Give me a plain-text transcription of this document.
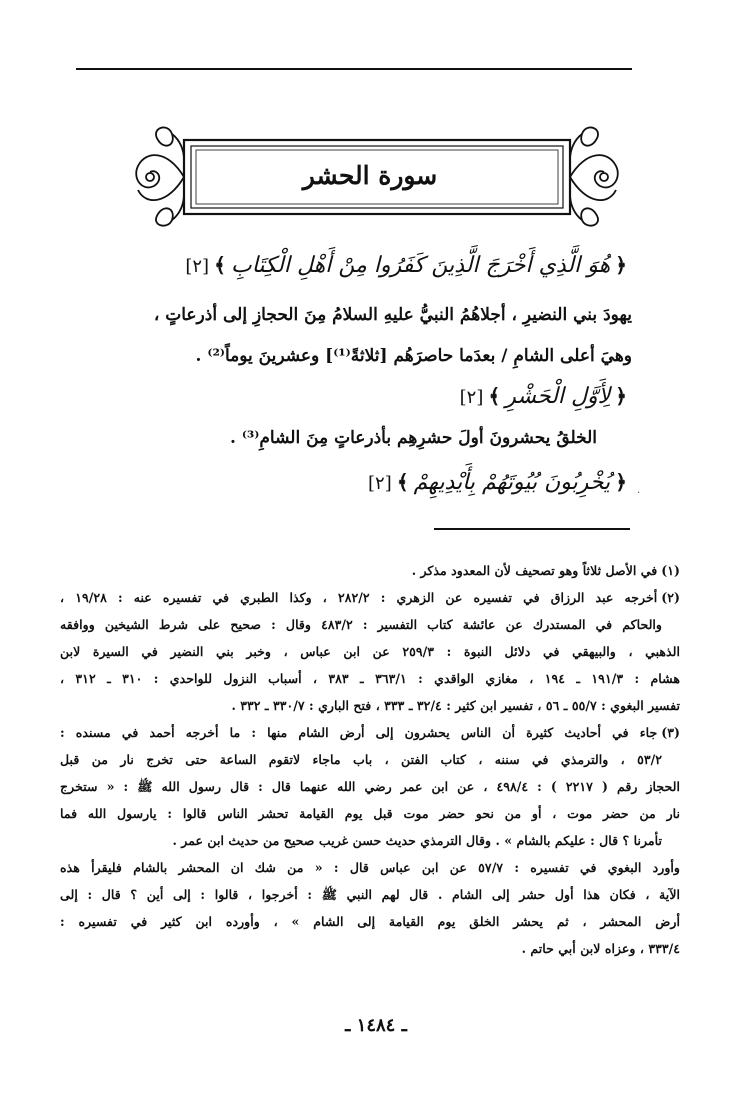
سورة الحشر
﴿ هُوَ الَّذِي أَخْرَجَ الَّذِينَ كَفَرُوا مِنْ أَهْلِ الْكِتَابِ ﴾ [٢]
يهودَ بني النضيرِ ، أجلاهُمُ النبيُّ عليهِ السلامُ مِنَ الحجازِ إلى أذرعاتٍ ،
وهيَ أعلى الشامِ / بعدَما حاصرَهُم [ثلاثةً⁽¹⁾] وعشرينَ يوماً⁽²⁾ .
﴿ لِأَوَّلِ الْحَشْرِ ﴾ [٢]
الخلقُ يحشرونَ أولَ حشرِهِم بأذرعاتٍ مِنَ الشامِ⁽³⁾ .
﴿ يُخْرِبُونَ بُيُوتَهُمْ بِأَيْدِيهِمْ ﴾ [٢]	·
(١)في الأصل ثلاثاً وهو تصحيف لأن المعدود مذكر .
(٢)أخرجه عبد الرزاق في تفسيره عن الزهري : ٢٨٢/٢ ، وكذا الطبري في تفسيره عنه : ١٩/٢٨ ،
والحاكم في المستدرك عن عائشة كتاب التفسير : ٤٨٣/٢ وقال : صحيح على شرط الشيخين ووافقه
الذهبي ، والبيهقي في دلائل النبوة : ٢٥٩/٣ عن ابن عباس ، وخبر بني النضير في السيرة لابن
هشام : ١٩١/٣ ـ ١٩٤ ، مغازي الواقدي : ٣٦٣/١ ـ ٣٨٣ ، أسباب النزول للواحدي : ٣١٠ ـ ٣١٢ ،
تفسير البغوي : ٥٥/٧ ـ ٥٦ ، تفسير ابن كثير : ٣٢/٤ ـ ٣٣٣ ، فتح الباري : ٣٣٠/٧ ـ ٣٣٢ .
(٣)جاء في أحاديث كثيرة أن الناس يحشرون إلى أرض الشام منها : ما أخرجه أحمد في مسنده :
٥٣/٢ ، والترمذي في سننه ، كتاب الفتن ، باب ماجاء لاتقوم الساعة حتى تخرج نار من قبل
الحجاز رقم ( ٢٢١٧ ) : ٤٩٨/٤ ، عن ابن عمر رضي الله عنهما قال : قال رسول الله ﷺ : « ستخرج
نار من حضر موت ، أو من نحو حضر موت قبل يوم القيامة تحشر الناس قالوا : يارسول الله فما
تأمرنا ؟ قال : عليكم بالشام » . وقال الترمذي حديث حسن غريب صحيح من حديث ابن عمر .
وأورد البغوي في تفسيره : ٥٧/٧ عن ابن عباس قال : « من شك ان المحشر بالشام فليقرأ هذه
الآية ، فكان هذا أول حشر إلى الشام . قال لهم النبي ﷺ : أخرجوا ، قالوا : إلى أين ؟ قال : إلى
أرض المحشر ، ثم يحشر الخلق يوم القيامة إلى الشام » ، وأورده ابن كثير في تفسيره :
٣٣٣/٤ ، وعزاه لابن أبي حاتم .
ـ ١٤٨٤ ـ
